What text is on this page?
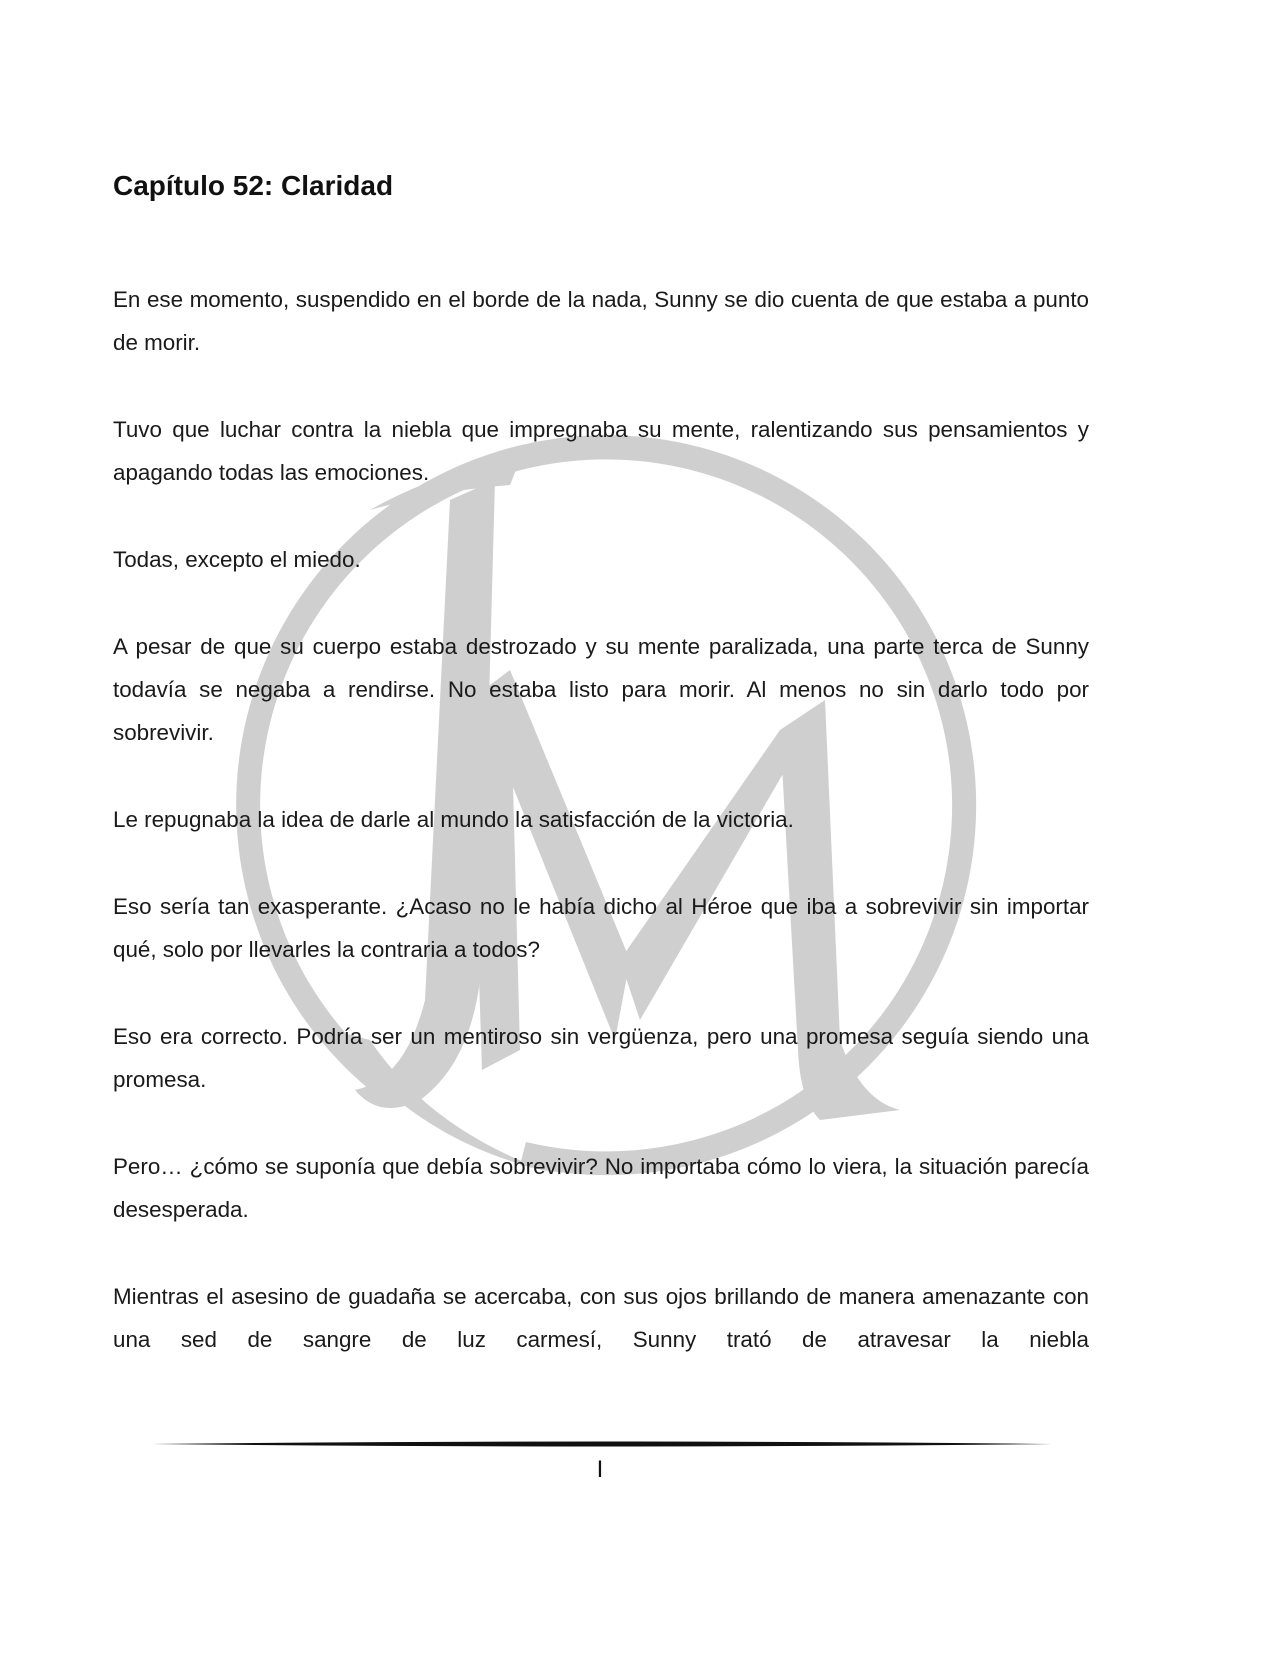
Capítulo 52: Claridad

En ese momento, suspendido en el borde de la nada, Sunny se dio cuenta de que estaba a punto de morir.

Tuvo que luchar contra la niebla que impregnaba su mente, ralentizando sus pensamientos y apagando todas las emociones.

Todas, excepto el miedo.

A pesar de que su cuerpo estaba destrozado y su mente paralizada, una parte terca de Sunny todavía se negaba a rendirse. No estaba listo para morir. Al menos no sin darlo todo por sobrevivir.

Le repugnaba la idea de darle al mundo la satisfacción de la victoria.

Eso sería tan exasperante. ¿Acaso no le había dicho al Héroe que iba a sobrevivir sin importar qué, solo por llevarles la contraria a todos?

Eso era correcto. Podría ser un mentiroso sin vergüenza, pero una promesa seguía siendo una promesa.

Pero… ¿cómo se suponía que debía sobrevivir? No importaba cómo lo viera, la situación parecía desesperada.

Mientras el asesino de guadaña se acercaba, con sus ojos brillando de manera amenazante con una sed de sangre de luz carmesí, Sunny trató de atravesar la niebla

I
